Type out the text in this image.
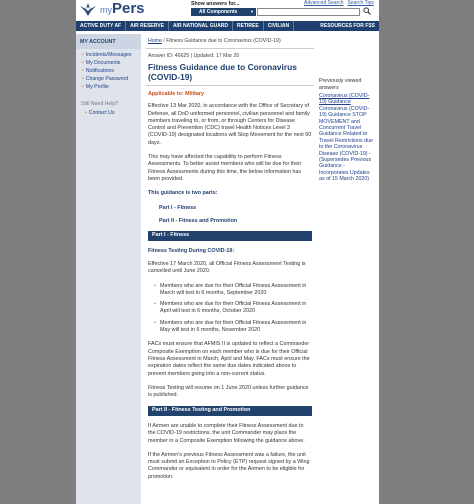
myPers	Show answers for...	Advanced Search Search Tips
All Components	▼
ACTIVE DUTY AF	AIR RESERVE	AIR NATIONAL GUARD	RETIREE	CIVILIAN	RESOURCES FOR FSS
MY ACCOUNT
• Incidents/Messages
• My Documents
• Notifications
• Change Password
• My Profile
Still Need Help?
• Contact Us
Home / Fitness Guidance due to Coronavirus (COVID-19)
Answer ID: 46625 | Updated: 17 Mar 20
Fitness Guidance due to Coronavirus (COVID-19)
Applicable to: Military
Effective 13 Mar 2020, in accordance with the Office of Secretary of Defense, all DoD uniformed personnel, civilian personnel and family members traveling to, or from, or through Centers for Disease Control and Prevention (CDC) travel Health Notices Level 3 (COVID-19) designated locations will Stop Movement for the next 60 days.
This may have affected the capability to perform Fitness Assessments. To better assist members who will be due for their Fitness Assessments during this time, the below information has been provided.
This guidance is two parts:
Part I - Fitness
Part II - Fitness and Promotion
Part I - Fitness
Fitness Testing During COVID-19:
Effective 17 March 2020, all Official Fitness Assessment Testing is cancelled until June 2020.
• Members who are due for their Official Fitness Assessment in March will test in 6 months, September 2020
• Members who are due for their Official Fitness Assessment in April will test in 6 months, October 2020
• Members who are due for their Official Fitness Assessment in May will test in 6 months, November 2020
FACs must ensure that AFMIS II is updated to reflect a Commander Composite Exemption on each member who is due for their Official Fitness Assessment in March, April and May. FACs must ensure the expiration dates reflect the same due dates indicated above to prevent members going into a non-current status.
Fitness Testing will resume on 1 June 2020 unless further guidance is published.
Part II - Fitness Testing and Promotion
If Airmen are unable to complete their Fitness Assessment due to the COVID-19 restrictions, the unit Commander may place the member in a Composite Exemption following the guidance above.
If the Airmen's previous Fitness Assessment was a failure, the unit must submit an Exception to Policy (ETP) request signed by a Wing Commander or equivalent in order for the Airmen to be eligible for promotion.
Previously viewed answers
Coronavirus (COVID-19) Guidance
Coronavirus (COVID-19) Guidance STOP MOVEMENT and Concurrent Travel Guidance Related to Travel Restrictions due to the Coronavirus Disease (COVID-19) - (Supersedes Previous Guidance - Incorporates Updates as of 15 March 2020)
